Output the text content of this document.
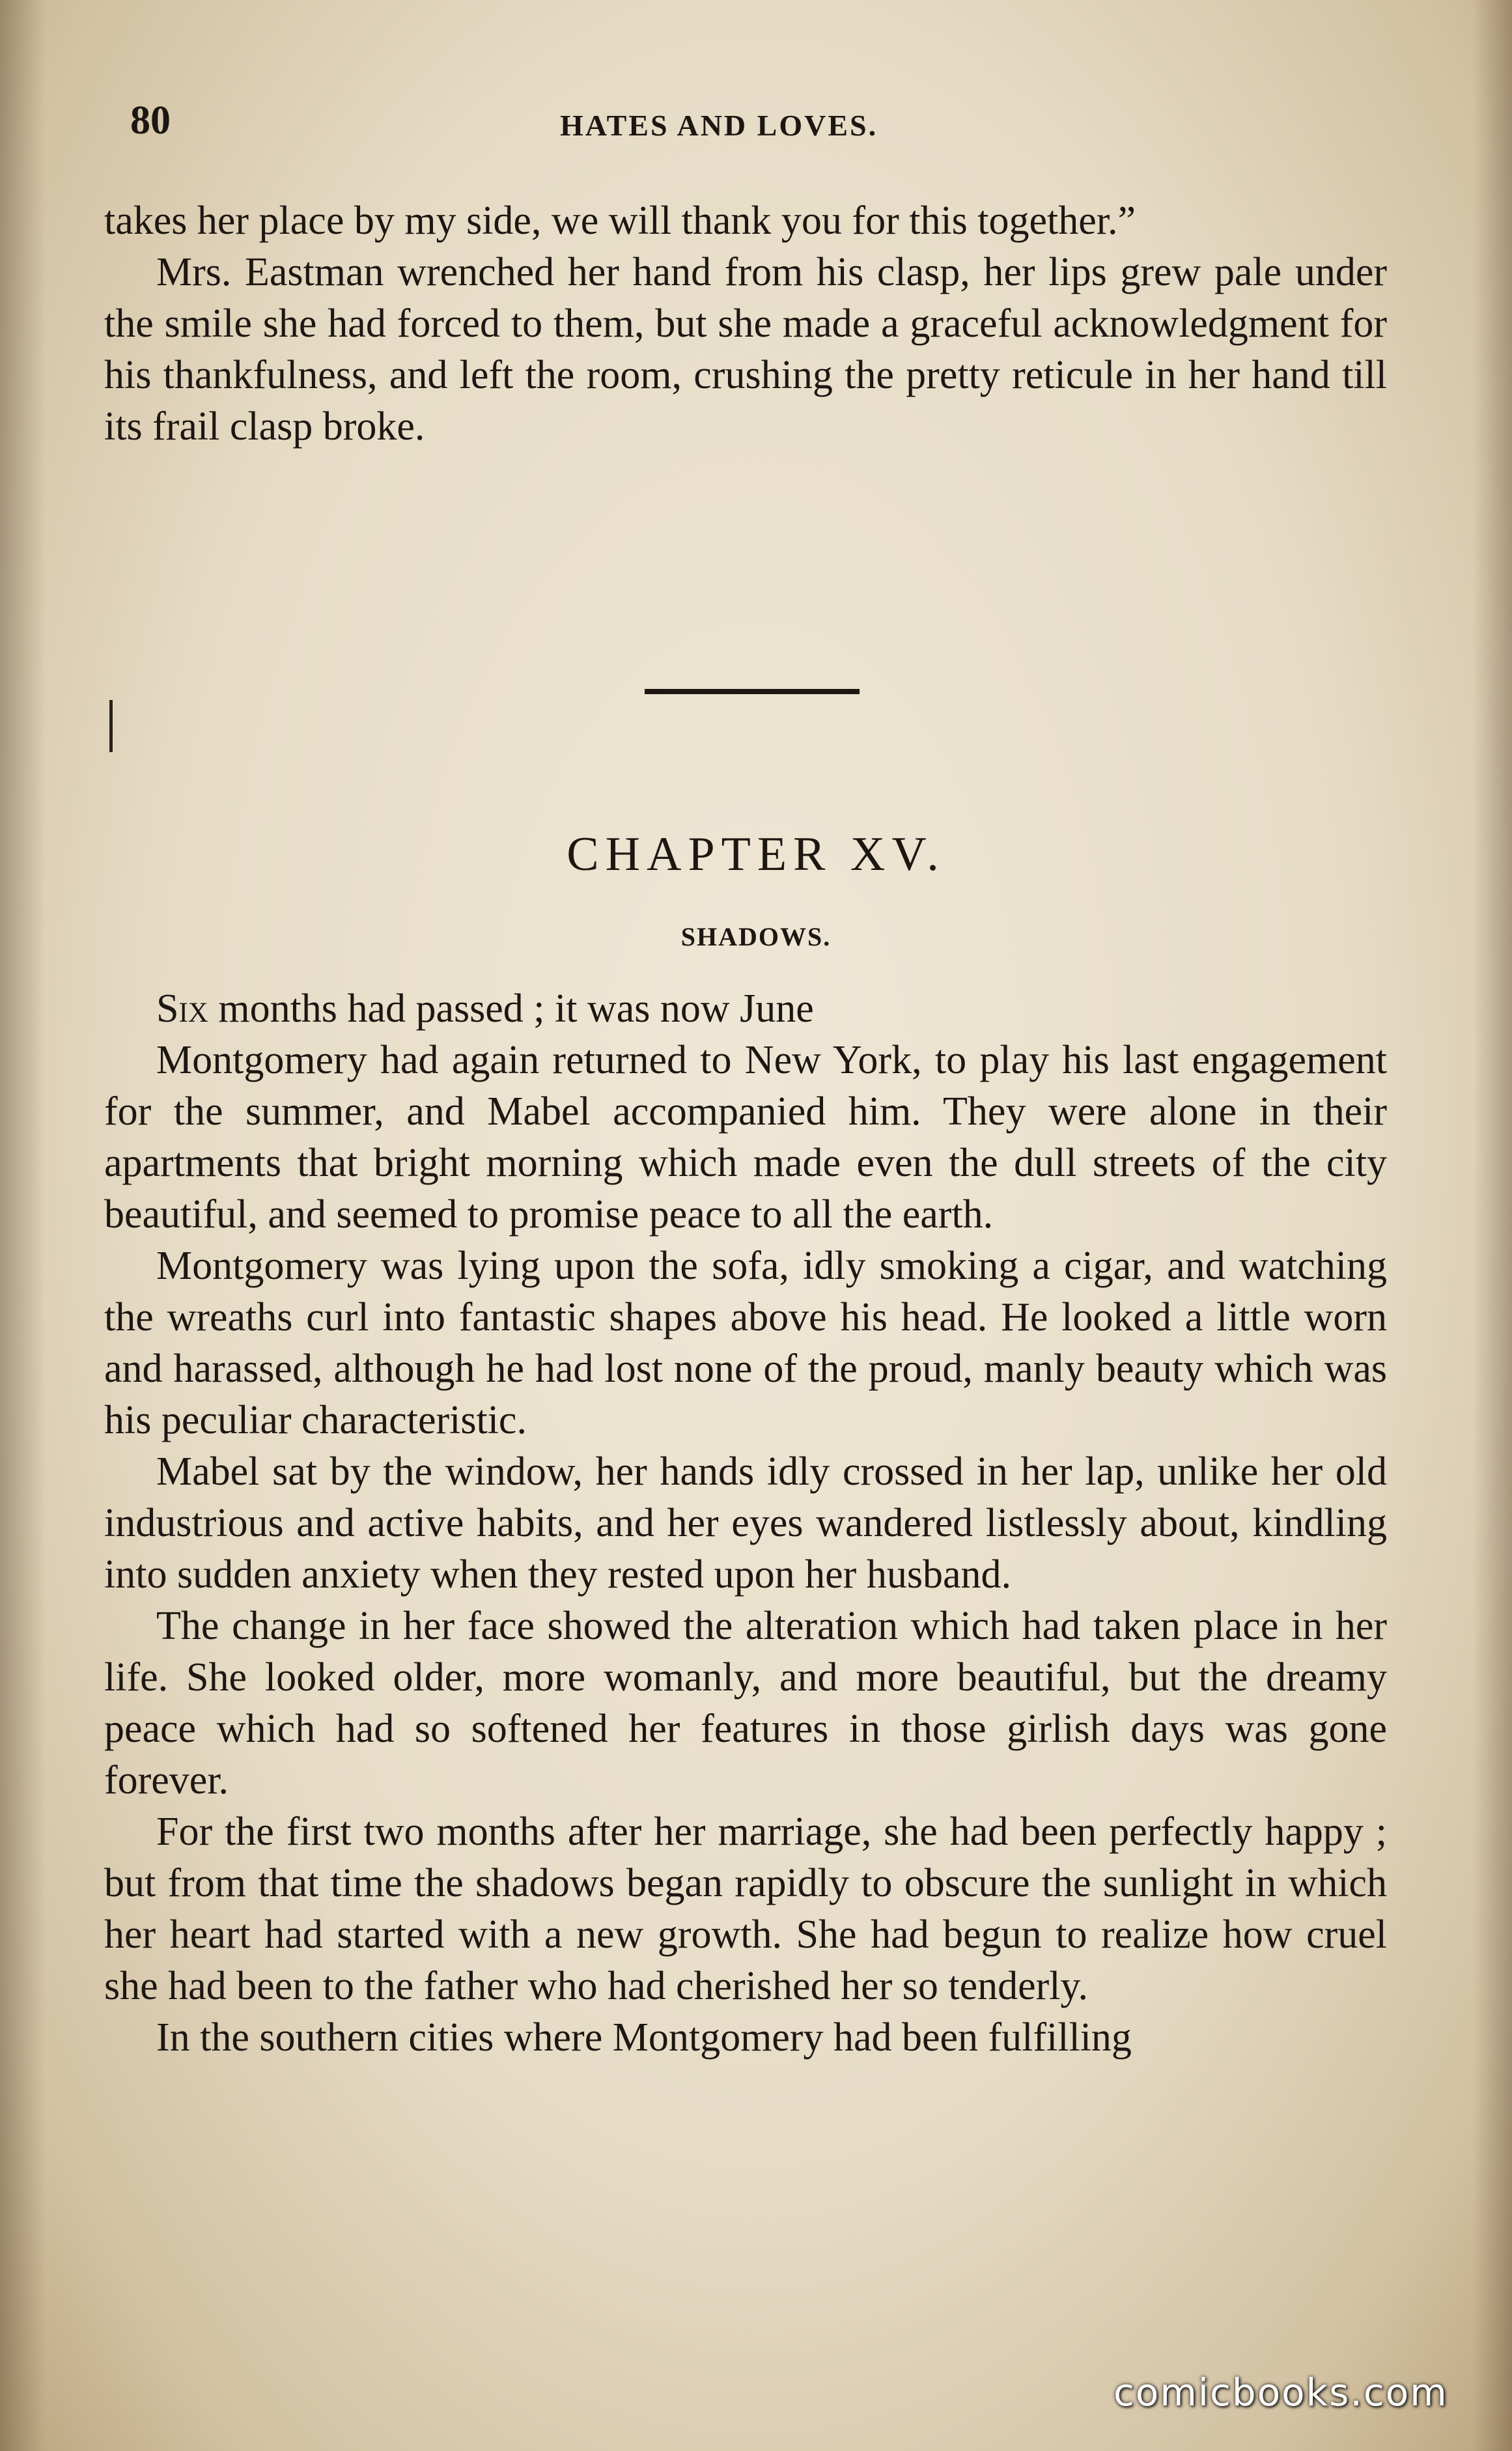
80	HATES AND LOVES.

takes her place by my side, we will thank you for this together.”

Mrs. Eastman wrenched her hand from his clasp, her lips grew pale under the smile she had forced to them, but she made a graceful acknowledgment for his thankfulness, and left the room, crushing the pretty reticule in her hand till its frail clasp broke.

CHAPTER XV.
SHADOWS.

Six months had passed ; it was now June

Montgomery had again returned to New York, to play his last engagement for the summer, and Mabel accompanied him. They were alone in their apartments that bright morning which made even the dull streets of the city beautiful, and seemed to promise peace to all the earth.

Montgomery was lying upon the sofa, idly smoking a cigar, and watching the wreaths curl into fantastic shapes above his head. He looked a little worn and harassed, although he had lost none of the proud, manly beauty which was his peculiar characteristic.

Mabel sat by the window, her hands idly crossed in her lap, unlike her old industrious and active habits, and her eyes wandered listlessly about, kindling into sudden anxiety when they rested upon her husband.

The change in her face showed the alteration which had taken place in her life. She looked older, more womanly, and more beautiful, but the dreamy peace which had so softened her features in those girlish days was gone forever.

For the first two months after her marriage, she had been perfectly happy ; but from that time the shadows began rapidly to obscure the sunlight in which her heart had started with a new growth. She had begun to realize how cruel she had been to the father who had cherished her so tenderly.

In the southern cities where Montgomery had been fulfilling

comicbooks.com
